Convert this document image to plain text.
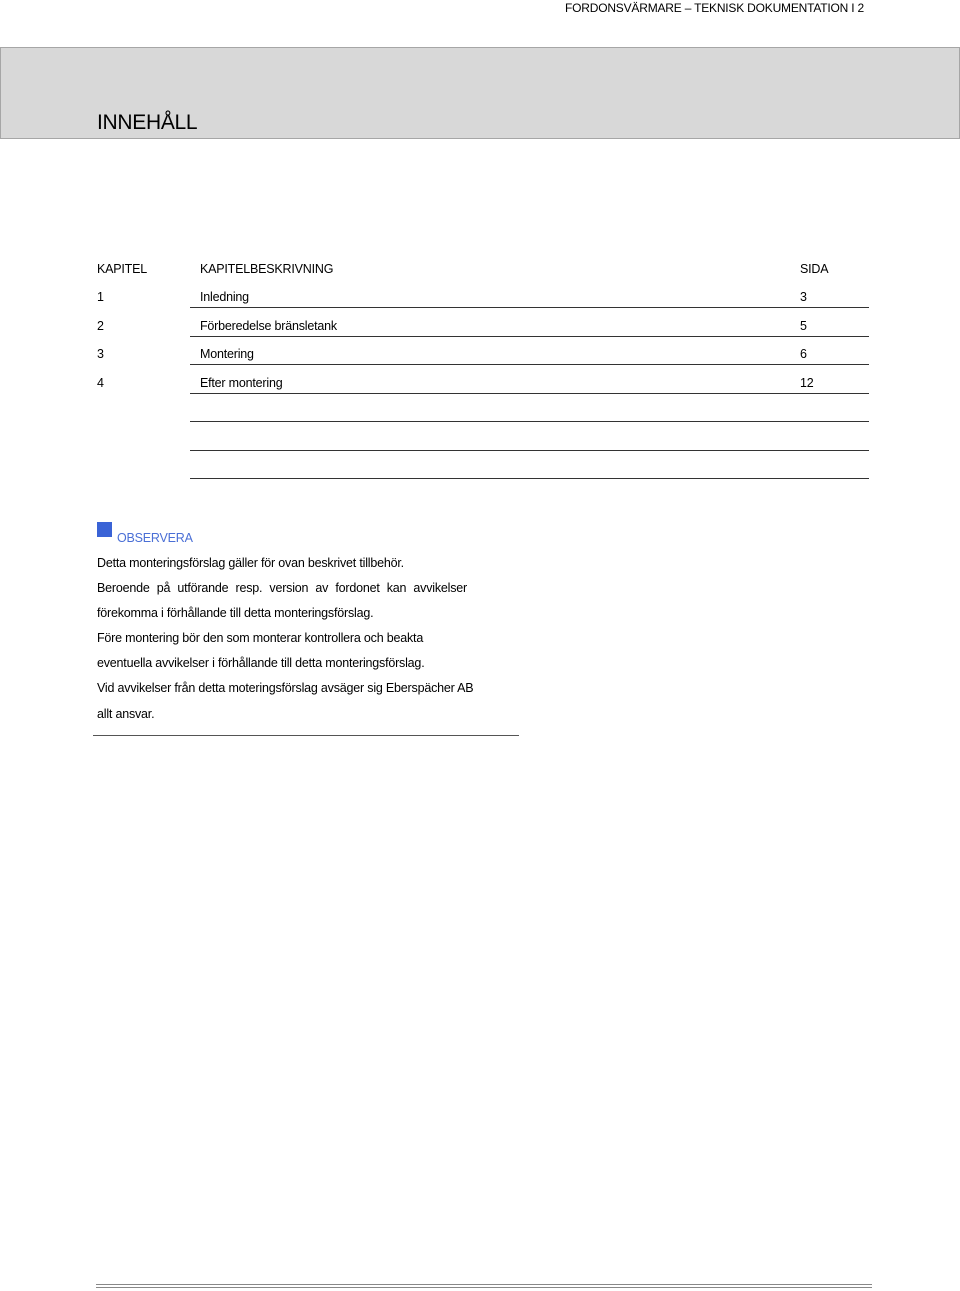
FORDONSVÄRMARE – TEKNISK DOKUMENTATION I 2
INNEHÅLL
KAPITEL	KAPITELBESKRIVNING	SIDA
1	Inledning	3
2	Förberedelse bränsletank	5
3	Montering	6
4	Efter montering	12
OBSERVERA
Detta monteringsförslag gäller för ovan beskrivet tillbehör.
Beroende på utförande resp. version av fordonet kan avvikelser
förekomma i förhållande till detta monteringsförslag.
Före montering bör den som monterar kontrollera och beakta
eventuella avvikelser i förhållande till detta monteringsförslag.
Vid avvikelser från detta moteringsförslag avsäger sig Eberspächer AB
allt ansvar.
